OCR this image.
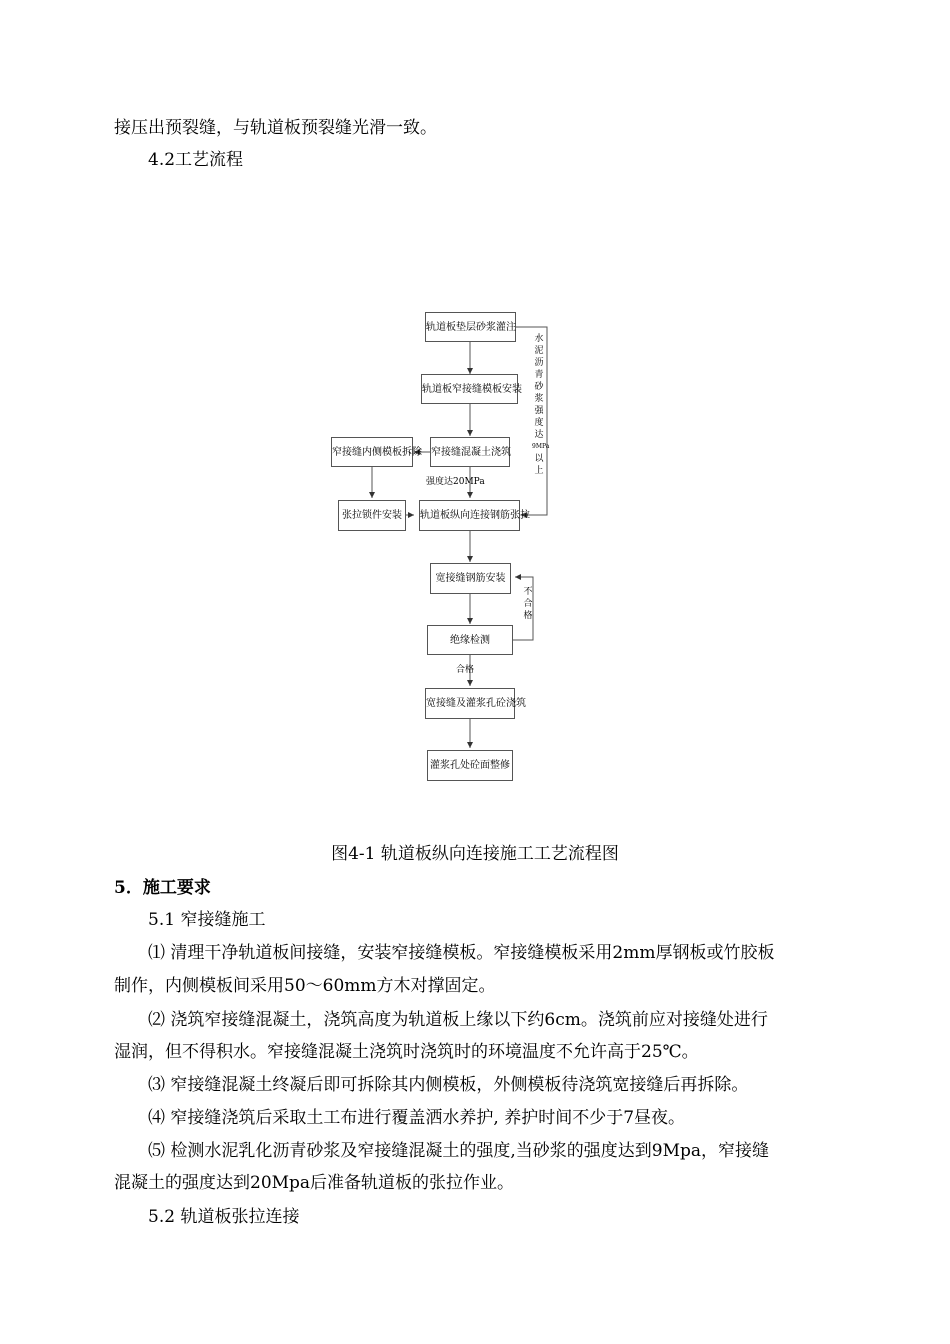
接压出预裂缝，与轨道板预裂缝光滑一致。
4.2工艺流程
轨道板垫层砂浆灌注
轨道板窄接缝模板安装
窄接缝混凝土浇筑
窄接缝内侧模板拆除
张拉锁件安装	轨道板纵向连接钢筋张拉
宽接缝钢筋安装
绝缘检测
宽接缝及灌浆孔砼浇筑
灌浆孔处砼面整修
强度达20MPa
合格
水
泥
沥
青
砂
浆
强
度
达
9MPa
以
上
不
合
格
图4-1 轨道板纵向连接施工工艺流程图
5．施工要求
5.1 窄接缝施工
⑴ 清理干净轨道板间接缝，安装窄接缝模板。窄接缝模板采用2mm厚钢板或竹胶板
制作，内侧模板间采用50～60mm方木对撑固定。
⑵ 浇筑窄接缝混凝土，浇筑高度为轨道板上缘以下约6cm。浇筑前应对接缝处进行
湿润，但不得积水。窄接缝混凝土浇筑时浇筑时的环境温度不允许高于25℃。
⑶ 窄接缝混凝土终凝后即可拆除其内侧模板，外侧模板待浇筑宽接缝后再拆除。
⑷ 窄接缝浇筑后采取土工布进行覆盖洒水养护, 养护时间不少于7昼夜。
⑸ 检测水泥乳化沥青砂浆及窄接缝混凝土的强度,当砂浆的强度达到9Mpa，窄接缝
混凝土的强度达到20Mpa后准备轨道板的张拉作业。
5.2 轨道板张拉连接
